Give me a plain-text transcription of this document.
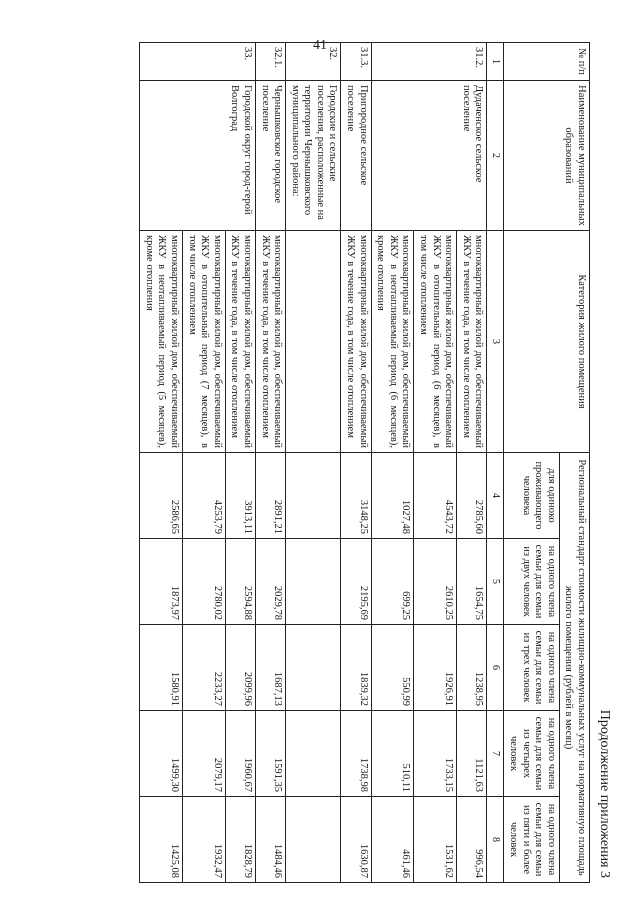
41
Продолжение приложения 3
№ п/п	Наименование муниципальных образований	Категория жилого помещения	Региональный стандарт стоимости жилищно-коммунальных услуг на нормативную площадь жилого помещения (рублей в месяц)				
			для одиноко проживающего человека	на одного члена семьи для семьи из двух человек	на одного члена семьи для семьи из трех человек	на одного члена семьи для семьи из четырех человек	на одного члена семьи для семьи из пяти и более человек
1	2	3	4	5	6	7	8
31.2.	Дудаченское сельское поселение	многоквартирный жилой дом, обеспечиваемый ЖКУ в течение года, в том числе отоплением	2785,60	1654,75	1238,95	1121,63	996,54
		многоквартирный жилой дом, обеспечиваемый ЖКУ в отопительный период (6 месяцев), в том числе отоплением	4543,72	2610,25	1926,91	1733,15	1531,62
		многоквартирный жилой дом, обеспечиваемый ЖКУ в неотапливаемый период (6 месяцев), кроме отопления	1027,48	699,25	550,99	510,11	461,46
31.3.	Пригородное сельское поселение	многоквартирный жилой дом, обеспечиваемый ЖКУ в течение года, в том числе отоплением	3148,25	2195,69	1839,32	1738,98	1630,87
32.	Городские и сельские поселения, расположенные на территории Чернышковского муниципального района:						
32.1.	Чернышковское городское поселение	многоквартирный жилой дом, обеспечиваемый ЖКУ в течение года, в том числе отоплением	2891,21	2029,78	1687,13	1591,35	1484,46
33.	Городской округ город-герой Волгоград	многоквартирный жилой дом, обеспечиваемый ЖКУ в течение года, в том числе отоплением	3913,11	2594,88	2099,96	1960,67	1828,79
		многоквартирный жилой дом, обеспечиваемый ЖКУ в отопительный период (7 месяцев), в том числе отоплением	4253,79	2780,02	2233,27	2079,17	1932,47
		многоквартирный жилой дом, обеспечиваемый ЖКУ в неотапливаемый период (5 месяцев), кроме отопления	2586,65	1873,97	1580,91	1499,30	1425,08
